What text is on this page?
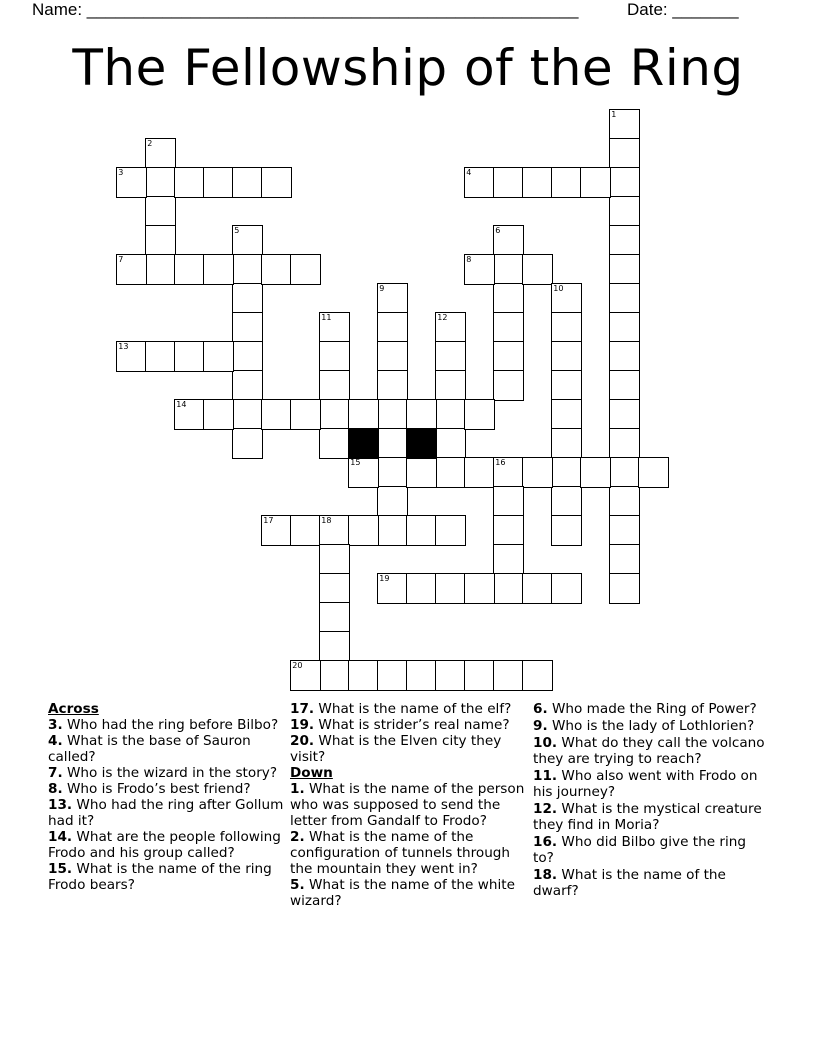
Name: ____________________________________________________	Date: _______
The Fellowship of the Ring
1
2
3	4
5	6
7	8
9	10
11	12
13
14
15	16
17	18
19
20
Across
3. Who had the ring before Bilbo?
4. What is the base of Sauron called?
7. Who is the wizard in the story?
8. Who is Frodo’s best friend?
13. Who had the ring after Gollum had it?
14. What are the people following Frodo and his group called?
15. What is the name of the ring Frodo bears?
17. What is the name of the elf?
19. What is strider’s real name?
20. What is the Elven city they visit?
Down
1. What is the name of the person who was supposed to send the letter from Gandalf to Frodo?
2. What is the name of the configuration of tunnels through the mountain they went in?
5. What is the name of the white wizard?
6. Who made the Ring of Power?
9. Who is the lady of Lothlorien?
10. What do they call the volcano they are trying to reach?
11. Who also went with Frodo on his journey?
12. What is the mystical creature they find in Moria?
16. Who did Bilbo give the ring to?
18. What is the name of the dwarf?
